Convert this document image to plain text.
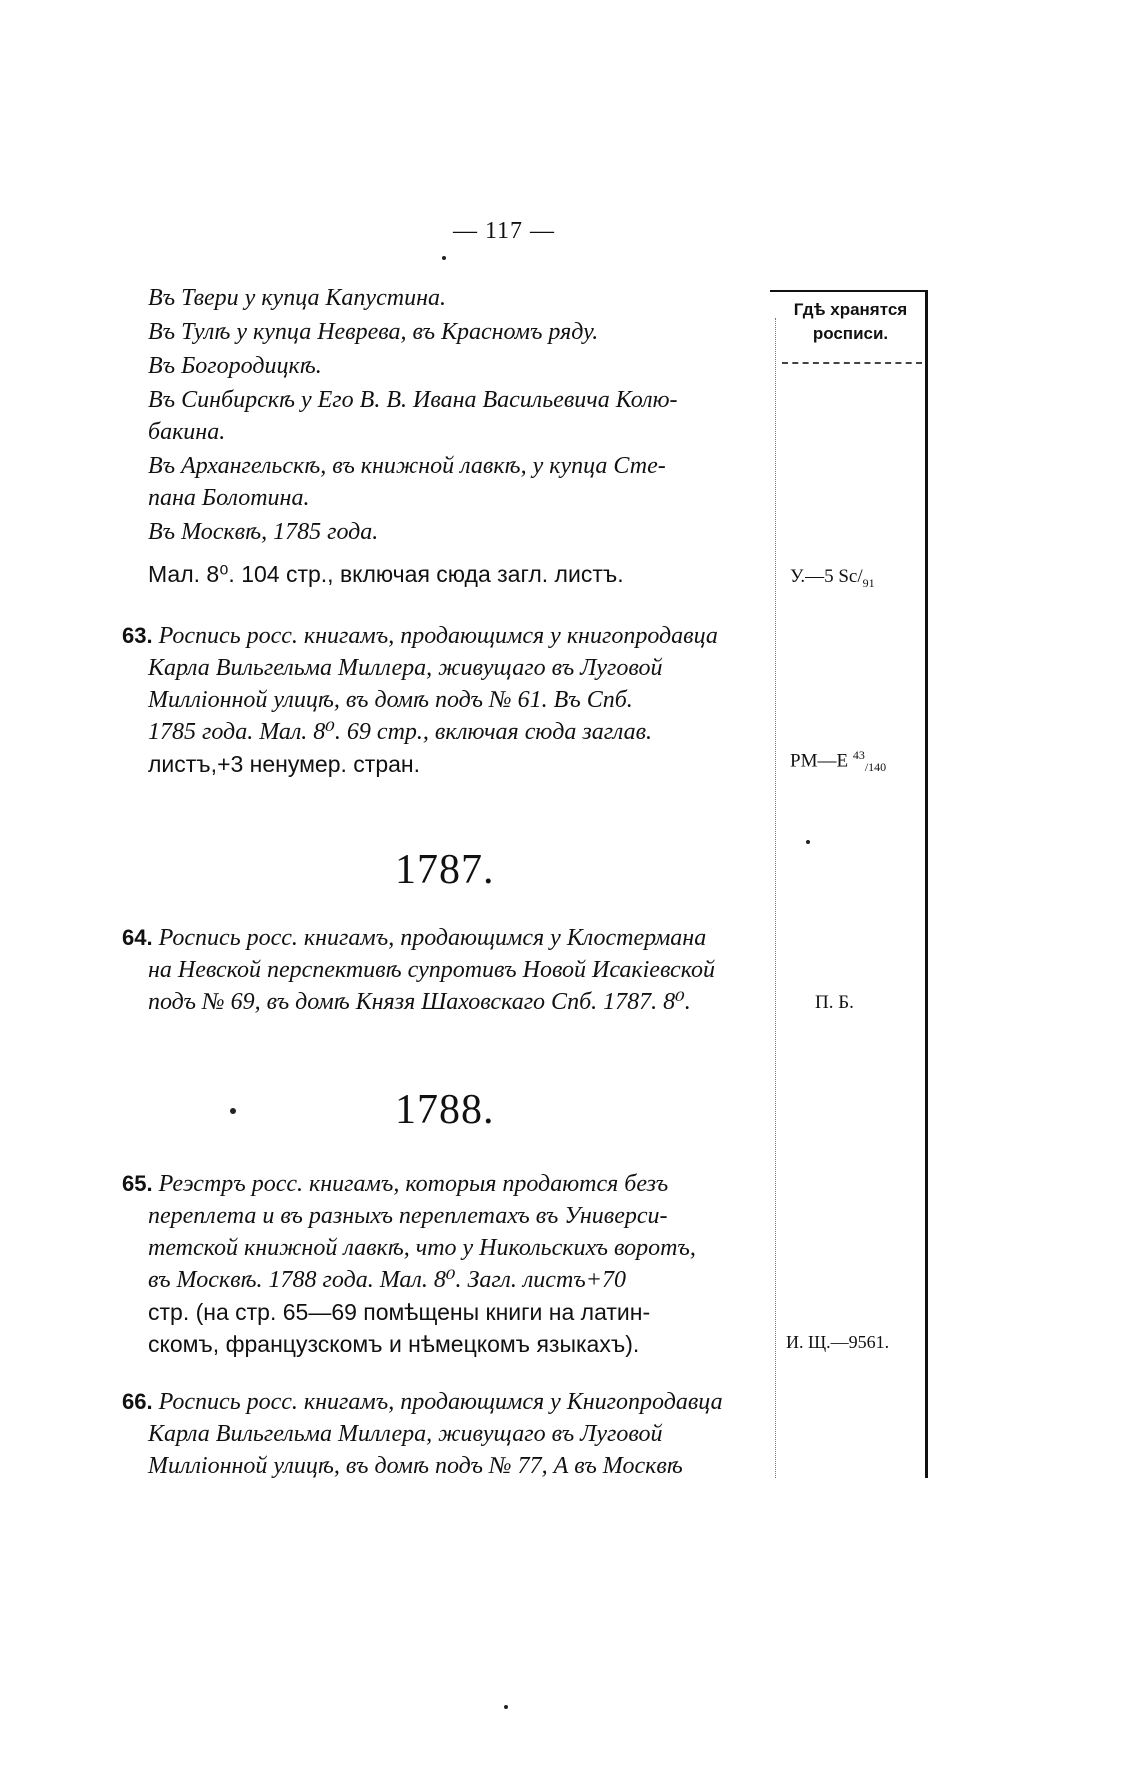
— 117 —
Гдѣ хранятся
росписи.
Въ Твери у купца Капустина.
Въ Тулѣ у купца Неврева, въ Красномъ ряду.
Въ Богородицкѣ.
Въ Синбирскѣ у Его В. В. Ивана Васильевича Колю-
бакина.
Въ Архангельскѣ, въ книжной лавкѣ, у купца Сте-
пана Болотина.
Въ Москвѣ, 1785 года.
Мал. 8⁰. 104 стр., включая сюда загл. листъ.	У.—5 $Sc/_{91}$
63. Роспись росс. книгамъ, продающимся у книгопродавца
Карла Вильгельма Миллера, живущаго въ Луговой
Милліонной улицѣ, въ домѣ подъ № 61. Въ Спб.
1785 года. Мал. 8⁰. 69 стр., включая сюда заглав.
листъ,+3 ненумер. стран.	РМ—Е $^{43}_{/140}$
1787.
64. Роспись росс. книгамъ, продающимся у Клостермана
на Невской перспективѣ супротивъ Новой Исакіевской
подъ № 69, въ домѣ Князя Шаховскаго Спб. 1787. 8⁰.	П. Б.
1788.
65. Реэстръ росс. книгамъ, которыя продаются безъ
переплета и въ разныхъ переплетахъ въ Универси-
тетской книжной лавкѣ, что у Никольскихъ воротъ,
въ Москвѣ. 1788 года. Мал. 8⁰. Загл. листъ+70
стр. (на стр. 65—69 помѣщены книги на латин-
скомъ, французскомъ и нѣмецкомъ языкахъ).	И. Щ.—9561.
66. Роспись росс. книгамъ, продающимся у Книгопродавца
Карла Вильгельма Миллера, живущаго въ Луговой
Милліонной улицѣ, въ домѣ подъ № 77, А въ Москвѣ
